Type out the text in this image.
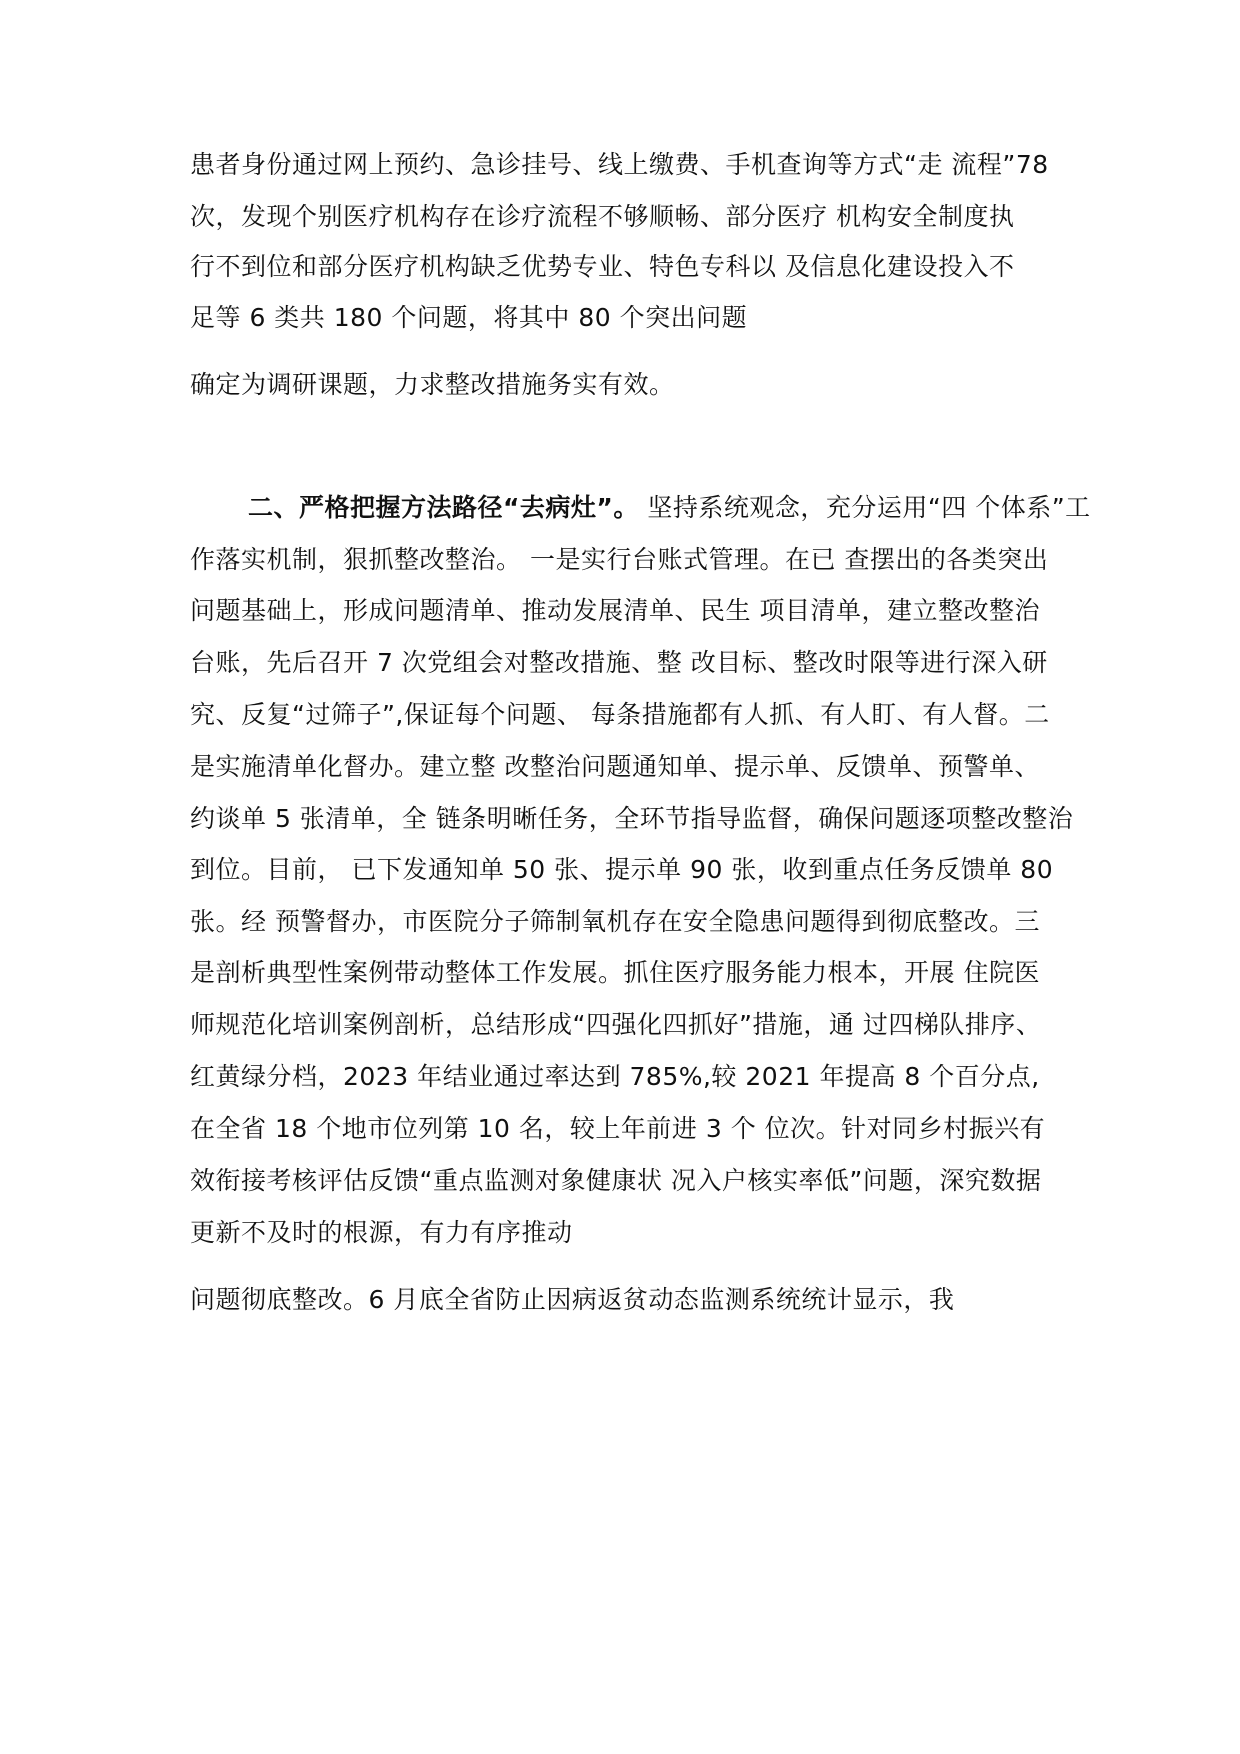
患者身份通过网上预约、急诊挂号、线上缴费、手机查询等方式“走 流程”78
次，发现个别医疗机构存在诊疗流程不够顺畅、部分医疗 机构安全制度执
行不到位和部分医疗机构缺乏优势专业、特色专科以 及信息化建设投入不
足等 6 类共 180 个问题，将其中 80 个突出问题
确定为调研课题，力求整改措施务实有效。
二、严格把握方法路径“去病灶”。 坚持系统观念，充分运用“四 个体系”工
作落实机制，狠抓整改整治。 一是实行台账式管理。在已 查摆出的各类突出
问题基础上，形成问题清单、推动发展清单、民生 项目清单，建立整改整治
台账，先后召开 7 次党组会对整改措施、整 改目标、整改时限等进行深入研
究、反复“过筛子”,保证每个问题、 每条措施都有人抓、有人盯、有人督。二
是实施清单化督办。建立整 改整治问题通知单、提示单、反馈单、预警单、
约谈单 5 张清单，全 链条明晰任务，全环节指导监督，确保问题逐项整改整治
到位。目前， 已下发通知单 50 张、提示单 90 张，收到重点任务反馈单 80
张。经 预警督办，市医院分子筛制氧机存在安全隐患问题得到彻底整改。三
是剖析典型性案例带动整体工作发展。抓住医疗服务能力根本，开展 住院医
师规范化培训案例剖析，总结形成“四强化四抓好”措施，通 过四梯队排序、
红黄绿分档，2023 年结业通过率达到 785%,较 2021 年提高 8 个百分点,
在全省 18 个地市位列第 10 名，较上年前进 3 个 位次。针对同乡村振兴有
效衔接考核评估反馈“重点监测对象健康状 况入户核实率低”问题，深究数据
更新不及时的根源，有力有序推动
问题彻底整改。6 月底全省防止因病返贫动态监测系统统计显示，我
